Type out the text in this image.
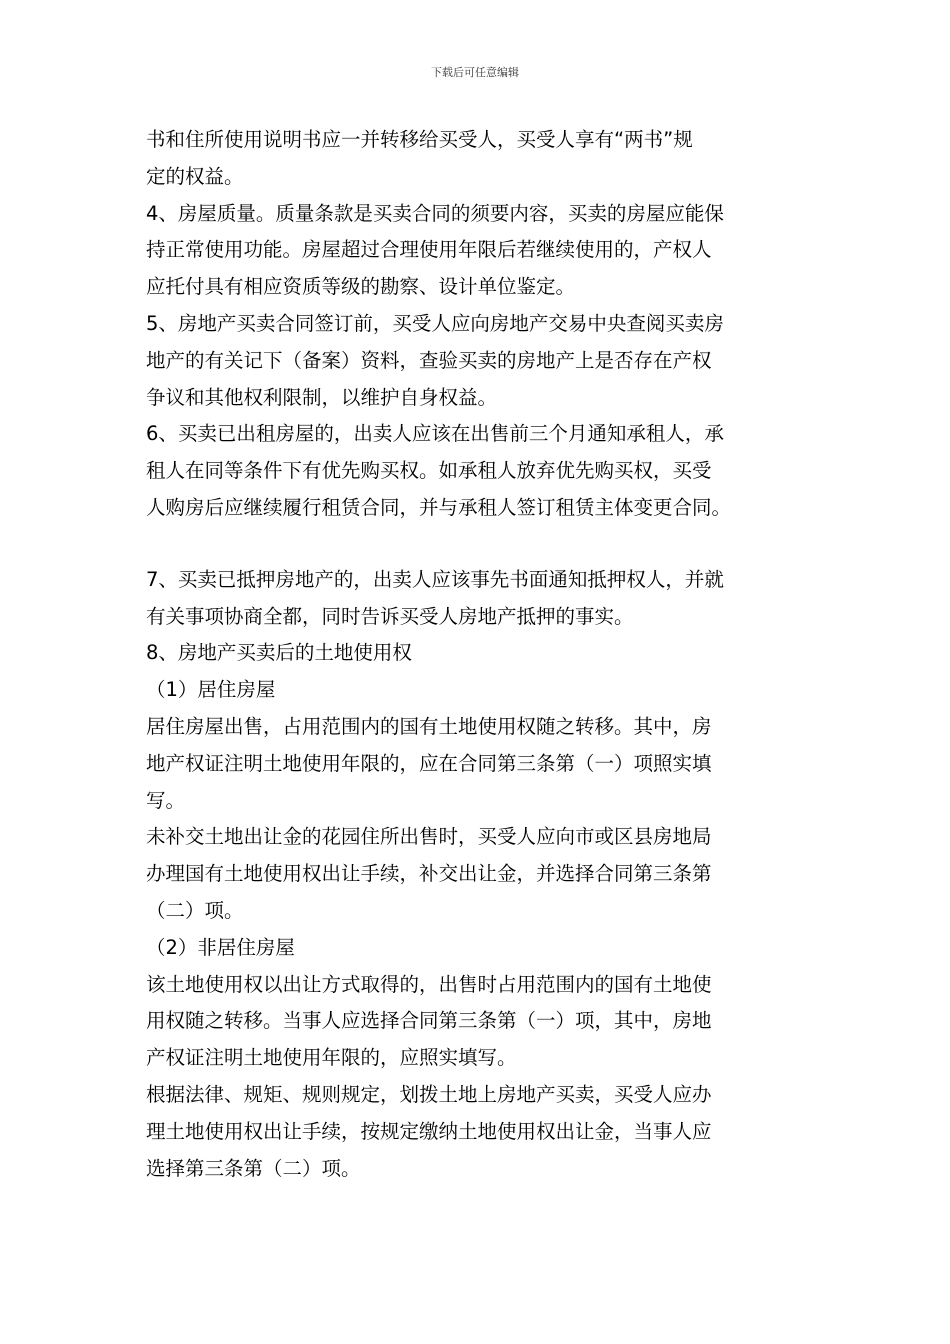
下载后可任意编辑
书和住所使用说明书应一并转移给买受人，买受人享有“两书”规
定的权益。
4、房屋质量。质量条款是买卖合同的须要内容，买卖的房屋应能保
持正常使用功能。房屋超过合理使用年限后若继续使用的，产权人
应托付具有相应资质等级的勘察、设计单位鉴定。
5、房地产买卖合同签订前，买受人应向房地产交易中央查阅买卖房
地产的有关记下（备案）资料，查验买卖的房地产上是否存在产权
争议和其他权利限制，以维护自身权益。
6、买卖已出租房屋的，出卖人应该在出售前三个月通知承租人，承
租人在同等条件下有优先购买权。如承租人放弃优先购买权，买受
人购房后应继续履行租赁合同，并与承租人签订租赁主体变更合同。
7、买卖已抵押房地产的，出卖人应该事先书面通知抵押权人，并就
有关事项协商全都，同时告诉买受人房地产抵押的事实。
8、房地产买卖后的土地使用权
（1）居住房屋
居住房屋出售，占用范围内的国有土地使用权随之转移。其中，房
地产权证注明土地使用年限的，应在合同第三条第（一）项照实填
写。
未补交土地出让金的花园住所出售时，买受人应向市或区县房地局
办理国有土地使用权出让手续，补交出让金，并选择合同第三条第
（二）项。
（2）非居住房屋
该土地使用权以出让方式取得的，出售时占用范围内的国有土地使
用权随之转移。当事人应选择合同第三条第（一）项，其中，房地
产权证注明土地使用年限的，应照实填写。
根据法律、规矩、规则规定，划拨土地上房地产买卖，买受人应办
理土地使用权出让手续，按规定缴纳土地使用权出让金，当事人应
选择第三条第（二）项。
